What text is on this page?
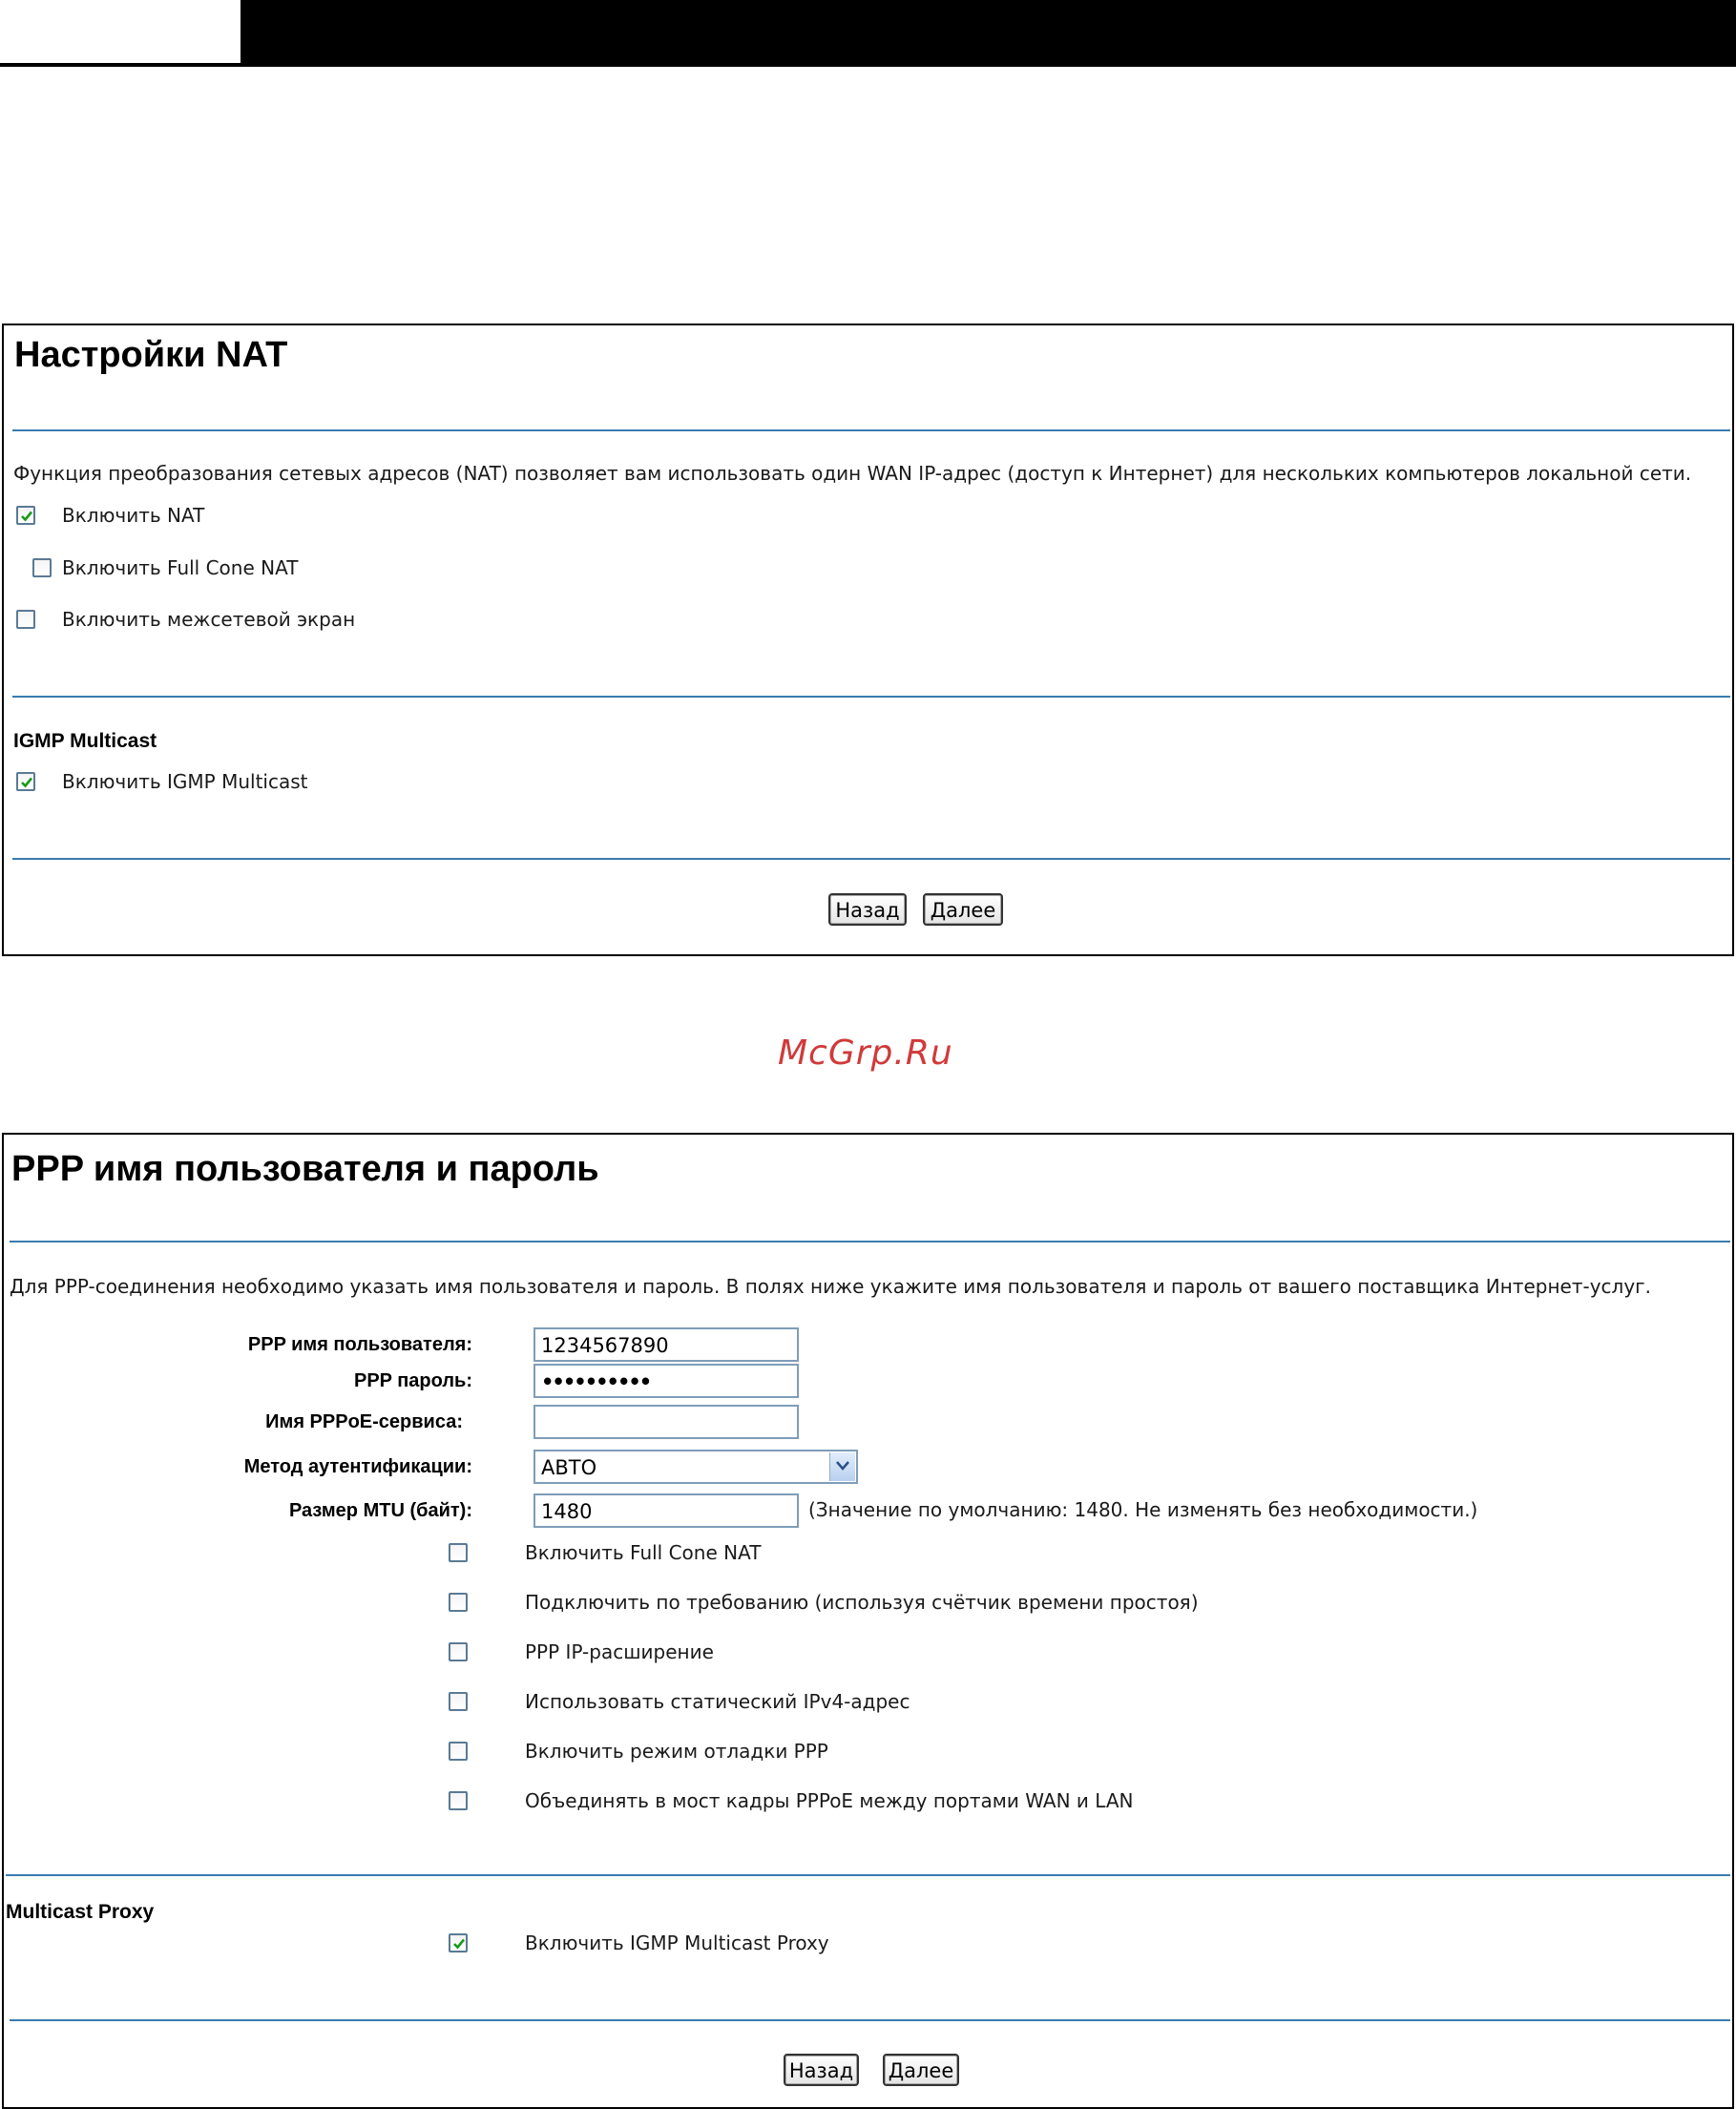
Настройки NAT
Функция преобразования сетевых адресов (NAT) позволяет вам использовать один WAN IP-адрес (доступ к Интернет) для нескольких компьютеров локальной сети.
Включить NAT
Включить Full Cone NAT
Включить межсетевой экран
IGMP Multicast
Включить IGMP Multicast
Назад	Далее
McGrp.Ru
PPP имя пользователя и пароль
Для PPP-соединения необходимо указать имя пользователя и пароль. В полях ниже укажите имя пользователя и пароль от вашего поставщика Интернет-услуг.
PPP имя пользователя:	1234567890
PPP пароль:	••••••••••
Имя PPPoE-сервиса:
Метод аутентификации:	АВТО
Размер MTU (байт):	1480	(Значение по умолчанию: 1480. Не изменять без необходимости.)
Включить Full Cone NAT
Подключить по требованию (используя счётчик времени простоя)
PPP IP-расширение
Использовать статический IPv4-адрес
Включить режим отладки PPP
Объединять в мост кадры PPPoE между портами WAN и LAN
Multicast Proxy
Включить IGMP Multicast Proxy
Назад Далее
